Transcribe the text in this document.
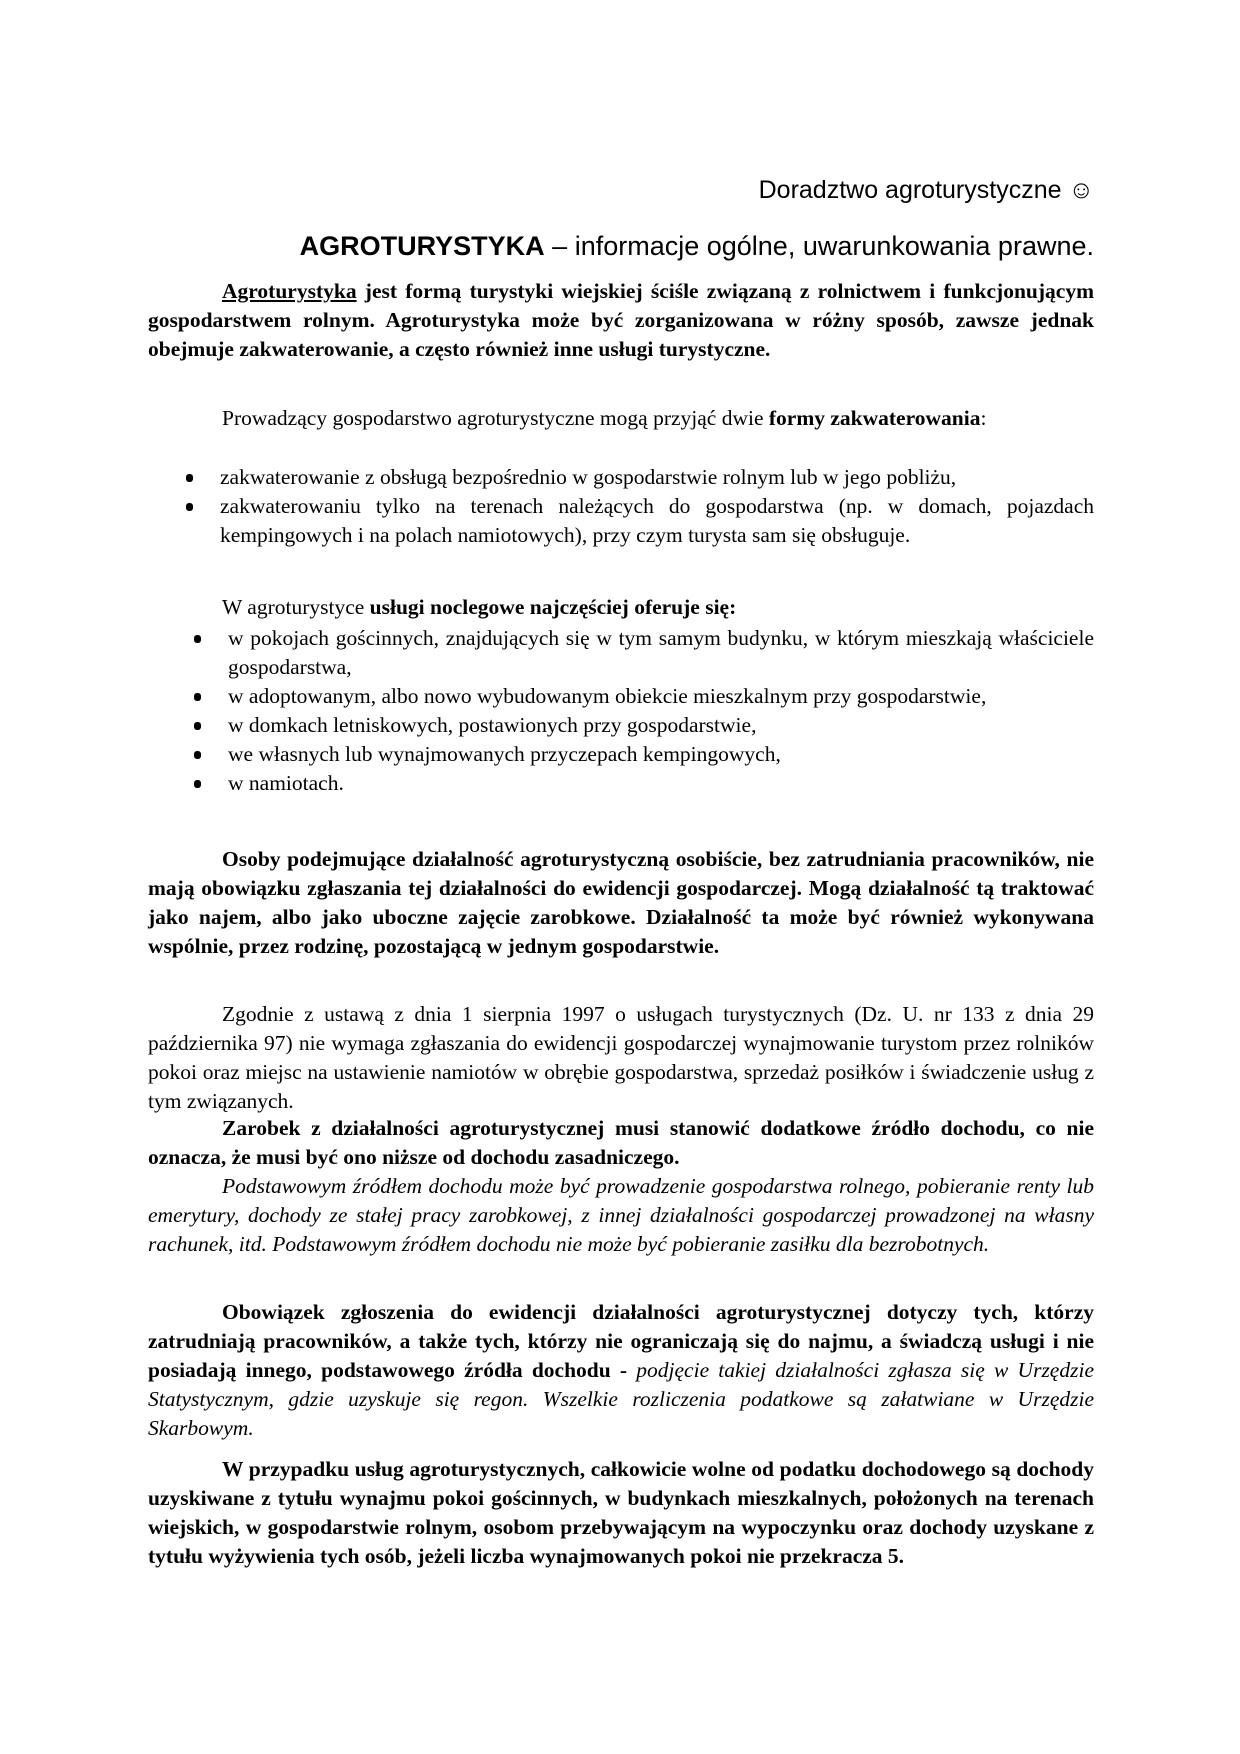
Doradztwo agroturystyczne ☺
AGROTURYSTYKA – informacje ogólne, uwarunkowania prawne.

Agroturystyka jest formą turystyki wiejskiej ściśle związaną z rolnictwem i funkcjonującym gospodarstwem rolnym. Agroturystyka może być zorganizowana w różny sposób, zawsze jednak obejmuje zakwaterowanie, a często również inne usługi turystyczne.

Prowadzący gospodarstwo agroturystyczne mogą przyjąć dwie formy zakwaterowania:

zakwaterowanie z obsługą bezpośrednio w gospodarstwie rolnym lub w jego pobliżu,
zakwaterowaniu tylko na terenach należących do gospodarstwa (np. w domach, pojazdach kempingowych i na polach namiotowych), przy czym turysta sam się obsługuje.

W agroturystyce usługi noclegowe najczęściej oferuje się:

w pokojach gościnnych, znajdujących się w tym samym budynku, w którym mieszkają właściciele gospodarstwa,
w adoptowanym, albo nowo wybudowanym obiekcie mieszkalnym przy gospodarstwie,
w domkach letniskowych, postawionych przy gospodarstwie,
we własnych lub wynajmowanych przyczepach kempingowych,
w namiotach.

Osoby podejmujące działalność agroturystyczną osobiście, bez zatrudniania pracowników, nie mają obowiązku zgłaszania tej działalności do ewidencji gospodarczej. Mogą działalność tą traktować jako najem, albo jako uboczne zajęcie zarobkowe. Działalność ta może być również wykonywana wspólnie, przez rodzinę, pozostającą w jednym gospodarstwie.

Zgodnie z ustawą z dnia 1 sierpnia 1997 o usługach turystycznych (Dz. U. nr 133 z dnia 29 października 97) nie wymaga zgłaszania do ewidencji gospodarczej wynajmowanie turystom przez rolników pokoi oraz miejsc na ustawienie namiotów w obrębie gospodarstwa, sprzedaż posiłków i świadczenie usług z tym związanych.

Zarobek z działalności agroturystycznej musi stanowić dodatkowe źródło dochodu, co nie oznacza, że musi być ono niższe od dochodu zasadniczego.

Podstawowym źródłem dochodu może być prowadzenie gospodarstwa rolnego, pobieranie renty lub emerytury, dochody ze stałej pracy zarobkowej, z innej działalności gospodarczej prowadzonej na własny rachunek, itd. Podstawowym źródłem dochodu nie może być pobieranie zasiłku dla bezrobotnych.

Obowiązek zgłoszenia do ewidencji działalności agroturystycznej dotyczy tych, którzy zatrudniają pracowników, a także tych, którzy nie ograniczają się do najmu, a świadczą usługi i nie posiadają innego, podstawowego źródła dochodu - podjęcie takiej działalności zgłasza się w Urzędzie Statystycznym, gdzie uzyskuje się regon. Wszelkie rozliczenia podatkowe są załatwiane w Urzędzie Skarbowym.

W przypadku usług agroturystycznych, całkowicie wolne od podatku dochodowego są dochody uzyskiwane z tytułu wynajmu pokoi gościnnych, w budynkach mieszkalnych, położonych na terenach wiejskich, w gospodarstwie rolnym, osobom przebywającym na wypoczynku oraz dochody uzyskane z tytułu wyżywienia tych osób, jeżeli liczba wynajmowanych pokoi nie przekracza 5.
